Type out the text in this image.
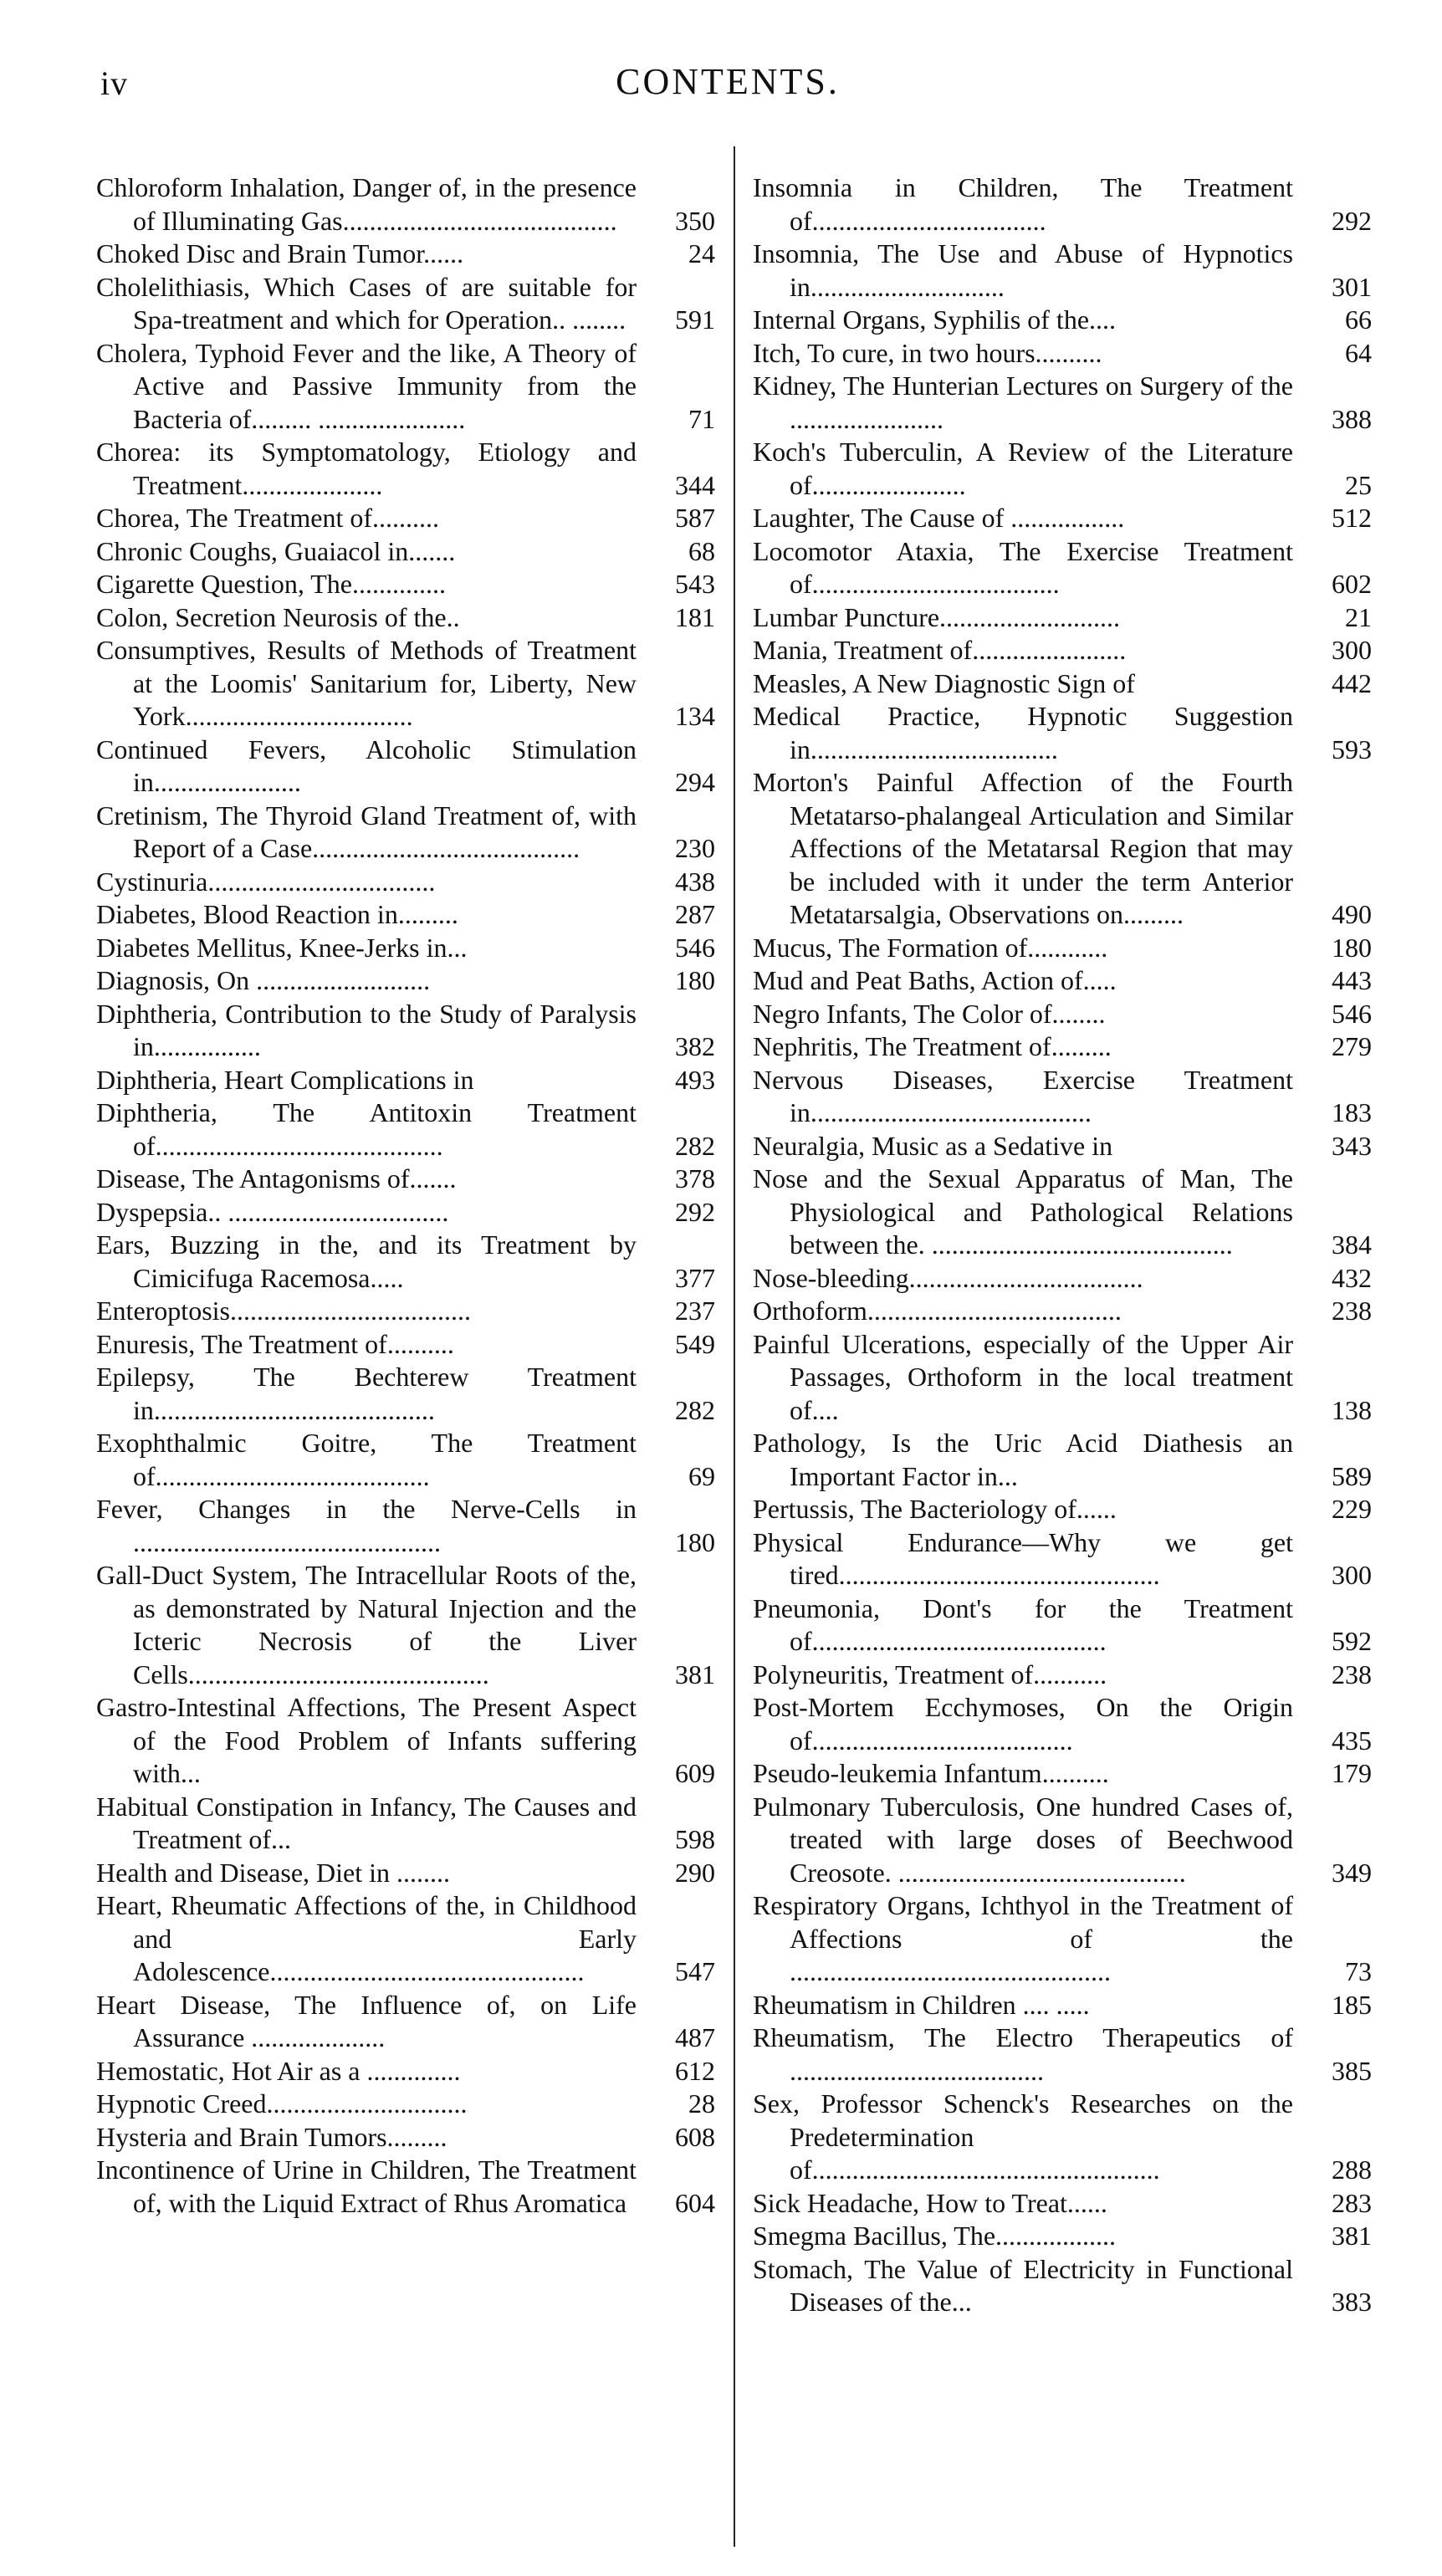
iv	CONTENTS.
Chloroform Inhalation, Danger of, in the presence of Illuminating Gas.........................................	350
Choked Disc and Brain Tumor......	24
Cholelithiasis, Which Cases of are suitable for Spa-treatment and which for Operation.. ........	591
Cholera, Typhoid Fever and the like, A Theory of Active and Passive Immunity from the Bacteria of......... ......................	71
Chorea: its Symptomatology, Etiology and Treatment.....................	344
Chorea, The Treatment of..........	587
Chronic Coughs, Guaiacol in.......	68
Cigarette Question, The..............	543
Colon, Secretion Neurosis of the..	181
Consumptives, Results of Methods of Treatment at the Loomis' Sanitarium for, Liberty, New York..................................	134
Continued Fevers, Alcoholic Stimulation in......................	294
Cretinism, The Thyroid Gland Treatment of, with Report of a Case........................................	230
Cystinuria..................................	438
Diabetes, Blood Reaction in.........	287
Diabetes Mellitus, Knee-Jerks in...	546
Diagnosis, On ..........................	180
Diphtheria, Contribution to the Study of Paralysis in................	382
Diphtheria, Heart Complications in	493
Diphtheria, The Antitoxin Treatment of...........................................	282
Disease, The Antagonisms of.......	378
Dyspepsia.. .................................	292
Ears, Buzzing in the, and its Treatment by Cimicifuga Racemosa.....	377
Enteroptosis....................................	237
Enuresis, The Treatment of..........	549
Epilepsy, The Bechterew Treatment in..........................................	282
Exophthalmic Goitre, The Treatment of.........................................	69
Fever, Changes in the Nerve-Cells in ..............................................	180
Gall-Duct System, The Intracellular Roots of the, as demonstrated by Natural Injection and the Icteric Necrosis of the Liver Cells.............................................	381
Gastro-Intestinal Affections, The Present Aspect of the Food Problem of Infants suffering with...	609
Habitual Constipation in Infancy, The Causes and Treatment of...	598
Health and Disease, Diet in ........	290
Heart, Rheumatic Affections of the, in Childhood and Early Adolescence...............................................	547
Heart Disease, The Influence of, on Life Assurance ....................	487
Hemostatic, Hot Air as a ..............	612
Hypnotic Creed..............................	28
Hysteria and Brain Tumors.........	608
Incontinence of Urine in Children, The Treatment of, with the Liquid Extract of Rhus Aromatica	604
Insomnia in Children, The Treatment of...................................	292
Insomnia, The Use and Abuse of Hypnotics in.............................	301
Internal Organs, Syphilis of the....	66
Itch, To cure, in two hours..........	64
Kidney, The Hunterian Lectures on Surgery of the .......................	388
Koch's Tuberculin, A Review of the Literature of.......................	25
Laughter, The Cause of .................	512
Locomotor Ataxia, The Exercise Treatment of.....................................	602
Lumbar Puncture...........................	21
Mania, Treatment of.......................	300
Measles, A New Diagnostic Sign of	442
Medical Practice, Hypnotic Suggestion in.....................................	593
Morton's Painful Affection of the Fourth Metatarso-phalangeal Articulation and Similar Affections of the Metatarsal Region that may be included with it under the term Anterior Metatarsalgia, Observations on.........	490
Mucus, The Formation of............	180
Mud and Peat Baths, Action of.....	443
Negro Infants, The Color of........	546
Nephritis, The Treatment of.........	279
Nervous Diseases, Exercise Treatment in..........................................	183
Neuralgia, Music as a Sedative in	343
Nose and the Sexual Apparatus of Man, The Physiological and Pathological Relations between the. .............................................	384
Nose-bleeding...................................	432
Orthoform......................................	238
Painful Ulcerations, especially of the Upper Air Passages, Orthoform in the local treatment of....	138
Pathology, Is the Uric Acid Diathesis an Important Factor in...	589
Pertussis, The Bacteriology of......	229
Physical Endurance—Why we get tired................................................	300
Pneumonia, Dont's for the Treatment of............................................	592
Polyneuritis, Treatment of...........	238
Post-Mortem Ecchymoses, On the Origin of.......................................	435
Pseudo-leukemia Infantum..........	179
Pulmonary Tuberculosis, One hundred Cases of, treated with large doses of Beechwood Creosote. ...........................................	349
Respiratory Organs, Ichthyol in the Treatment of Affections of the ................................................	73
Rheumatism in Children .... .....	185
Rheumatism, The Electro Therapeutics of ......................................	385
Sex, Professor Schenck's Researches on the Predetermination of....................................................	288
Sick Headache, How to Treat......	283
Smegma Bacillus, The..................	381
Stomach, The Value of Electricity in Functional Diseases of the...	383
